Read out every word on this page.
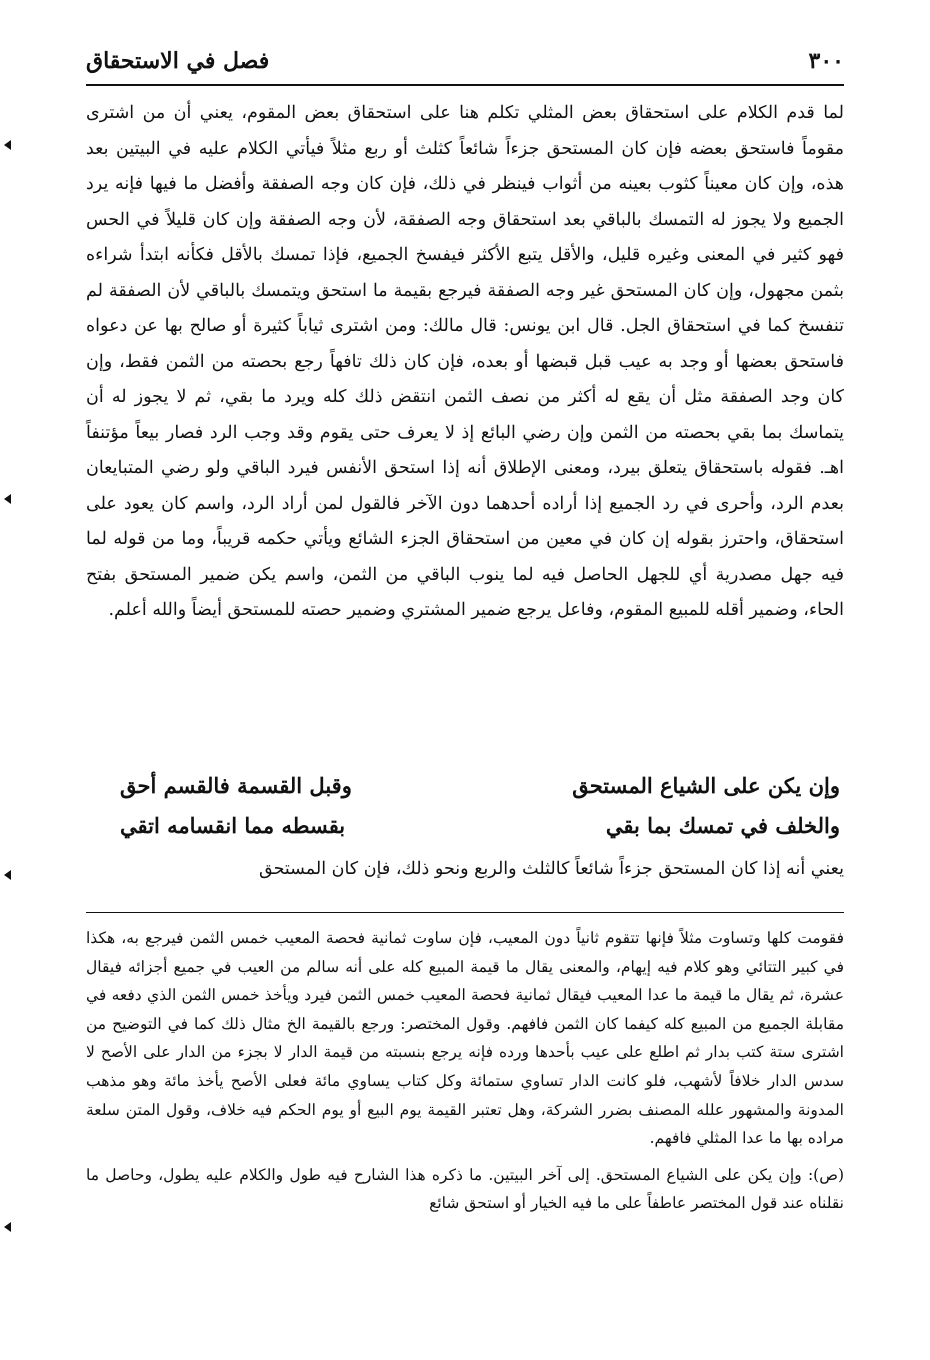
٣٠٠
فصل في الاستحقاق

لما قدم الكلام على استحقاق بعض المثلي تكلم هنا على استحقاق بعض المقوم، يعني أن من اشترى مقوماً فاستحق بعضه فإن كان المستحق جزءاً شائعاً كثلث أو ربع مثلاً فيأتي الكلام عليه في البيتين بعد هذه، وإن كان معيناً كثوب بعينه من أثواب فينظر في ذلك، فإن كان وجه الصفقة وأفضل ما فيها فإنه يرد الجميع ولا يجوز له التمسك بالباقي بعد استحقاق وجه الصفقة، لأن وجه الصفقة وإن كان قليلاً في الحس فهو كثير في المعنى وغيره قليل، والأقل يتبع الأكثر فيفسخ الجميع، فإذا تمسك بالأقل فكأنه ابتدأ شراءه بثمن مجهول، وإن كان المستحق غير وجه الصفقة فيرجع بقيمة ما استحق ويتمسك بالباقي لأن الصفقة لم تنفسخ كما في استحقاق الجل. قال ابن يونس: قال مالك: ومن اشترى ثياباً كثيرة أو صالح بها عن دعواه فاستحق بعضها أو وجد به عيب قبل قبضها أو بعده، فإن كان ذلك تافهاً رجع بحصته من الثمن فقط، وإن كان وجد الصفقة مثل أن يقع له أكثر من نصف الثمن انتقض ذلك كله ويرد ما بقي، ثم لا يجوز له أن يتماسك بما بقي بحصته من الثمن وإن رضي البائع إذ لا يعرف حتى يقوم وقد وجب الرد فصار بيعاً مؤتنفاً اهـ. فقوله باستحقاق يتعلق بيرد، ومعنى الإطلاق أنه إذا استحق الأنفس فيرد الباقي ولو رضي المتبايعان بعدم الرد، وأحرى في رد الجميع إذا أراده أحدهما دون الآخر فالقول لمن أراد الرد، واسم كان يعود على استحقاق، واحترز بقوله إن كان في معين من استحقاق الجزء الشائع ويأتي حكمه قريباً، وما من قوله لما فيه جهل مصدرية أي للجهل الحاصل فيه لما ينوب الباقي من الثمن، واسم يكن ضمير المستحق بفتح الحاء، وضمير أقله للمبيع المقوم، وفاعل يرجع ضمير المشتري وضمير حصته للمستحق أيضاً والله أعلم.

وإن يكن على الشياع المستحق
وقبل القسمة فالقسم أحق
والخلف في تمسك بما بقي
بقسطه مما انقسامه اتقي

يعني أنه إذا كان المستحق جزءاً شائعاً كالثلث والربع ونحو ذلك، فإن كان المستحق

فقومت كلها وتساوت مثلاً فإنها تتقوم ثانياً دون المعيب، فإن ساوت ثمانية فحصة المعيب خمس الثمن فيرجع به، هكذا في كبير التتائي وهو كلام فيه إيهام، والمعنى يقال ما قيمة المبيع كله على أنه سالم من العيب في جميع أجزائه فيقال عشرة، ثم يقال ما قيمة ما عدا المعيب فيقال ثمانية فحصة المعيب خمس الثمن فيرد ويأخذ خمس الثمن الذي دفعه في مقابلة الجميع من المبيع كله كيفما كان الثمن فافهم. وقول المختصر: ورجع بالقيمة الخ مثال ذلك كما في التوضيح من اشترى ستة كتب بدار ثم اطلع على عيب بأحدها ورده فإنه يرجع بنسبته من قيمة الدار لا بجزء من الدار على الأصح لا سدس الدار خلافاً لأشهب، فلو كانت الدار تساوي ستمائة وكل كتاب يساوي مائة فعلى الأصح يأخذ مائة وهو مذهب المدونة والمشهور علله المصنف بضرر الشركة، وهل تعتبر القيمة يوم البيع أو يوم الحكم فيه خلاف، وقول المتن سلعة مراده بها ما عدا المثلي فافهم.

(ص): وإن يكن على الشياع المستحق. إلى آخر البيتين. ما ذكره هذا الشارح فيه طول والكلام عليه يطول، وحاصل ما نقلناه عند قول المختصر عاطفاً على ما فيه الخيار أو استحق شائع
